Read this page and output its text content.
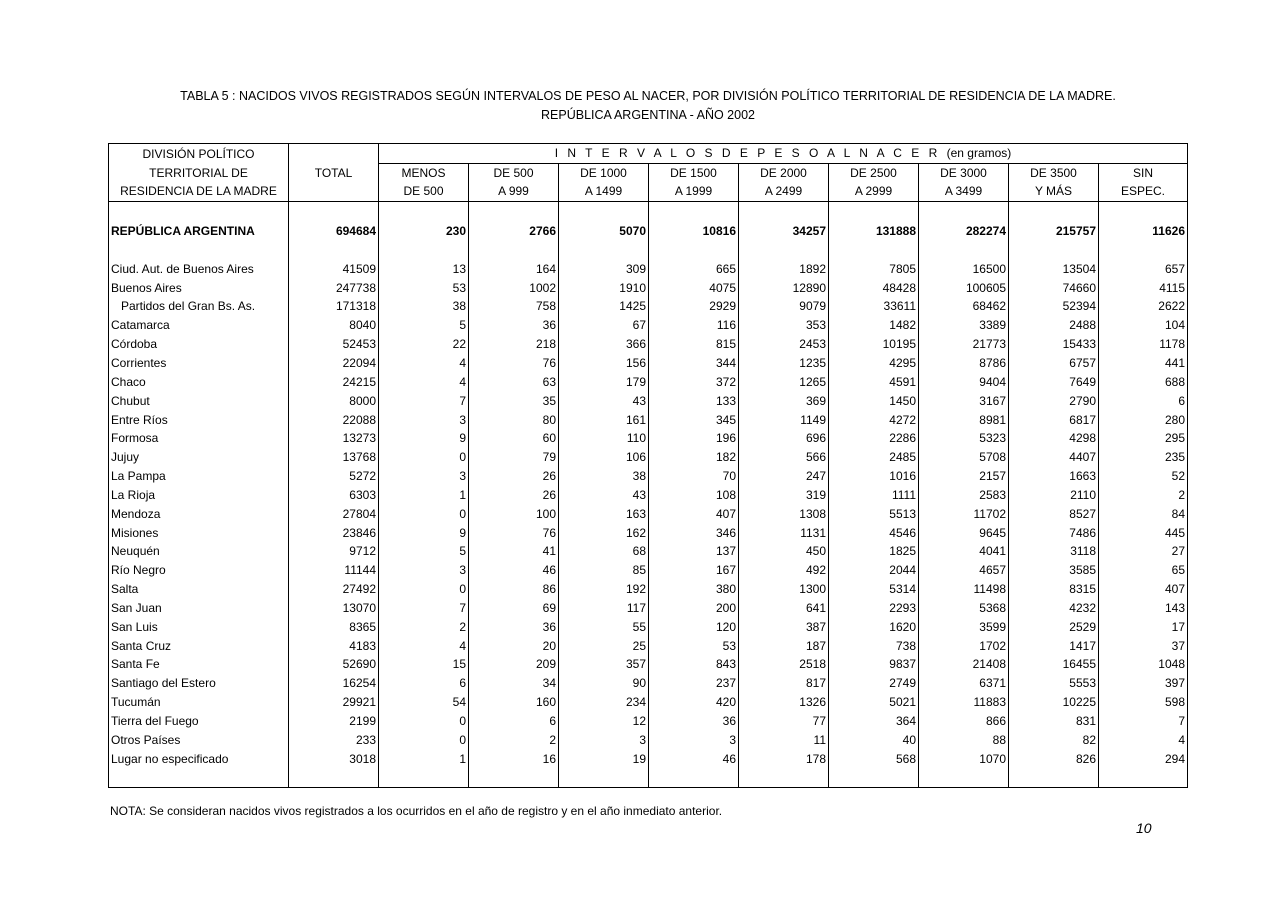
TABLA 5 : NACIDOS VIVOS REGISTRADOS SEGÚN INTERVALOS DE PESO AL NACER, POR DIVISIÓN POLÍTICO TERRITORIAL DE RESIDENCIA DE LA MADRE.
REPÚBLICA ARGENTINA - AÑO 2002
DIVISIÓN POLÍTICO		I N T E R V A L O S D E P E S O A L N A C E R (en gramos)								
TERRITORIAL DE	TOTAL	MENOS	DE 500	DE 1000	DE 1500	DE 2000	DE 2500	DE 3000	DE 3500	SIN
RESIDENCIA DE LA MADRE		DE 500	A 999	A 1499	A 1999	A 2499	A 2999	A 3499	Y MÁS	ESPEC.

REPÚBLICA ARGENTINA	694684	230	2766	5070	10816	34257	131888	282274	215757	11626

Ciud. Aut. de Buenos Aires	41509	13	164	309	665	1892	7805	16500	13504	657
Buenos Aires	247738	53	1002	1910	4075	12890	48428	100605	74660	4115
Partidos del Gran Bs. As.	171318	38	758	1425	2929	9079	33611	68462	52394	2622
Catamarca	8040	5	36	67	116	353	1482	3389	2488	104
Córdoba	52453	22	218	366	815	2453	10195	21773	15433	1178
Corrientes	22094	4	76	156	344	1235	4295	8786	6757	441
Chaco	24215	4	63	179	372	1265	4591	9404	7649	688
Chubut	8000	7	35	43	133	369	1450	3167	2790	6
Entre Ríos	22088	3	80	161	345	1149	4272	8981	6817	280
Formosa	13273	9	60	110	196	696	2286	5323	4298	295
Jujuy	13768	0	79	106	182	566	2485	5708	4407	235
La Pampa	5272	3	26	38	70	247	1016	2157	1663	52
La Rioja	6303	1	26	43	108	319	1111	2583	2110	2
Mendoza	27804	0	100	163	407	1308	5513	11702	8527	84
Misiones	23846	9	76	162	346	1131	4546	9645	7486	445
Neuquén	9712	5	41	68	137	450	1825	4041	3118	27
Río Negro	11144	3	46	85	167	492	2044	4657	3585	65
Salta	27492	0	86	192	380	1300	5314	11498	8315	407
San Juan	13070	7	69	117	200	641	2293	5368	4232	143
San Luis	8365	2	36	55	120	387	1620	3599	2529	17
Santa Cruz	4183	4	20	25	53	187	738	1702	1417	37
Santa Fe	52690	15	209	357	843	2518	9837	21408	16455	1048
Santiago del Estero	16254	6	34	90	237	817	2749	6371	5553	397
Tucumán	29921	54	160	234	420	1326	5021	11883	10225	598
Tierra del Fuego	2199	0	6	12	36	77	364	866	831	7
Otros Países	233	0	2	3	3	11	40	88	82	4
Lugar no especificado	3018	1	16	19	46	178	568	1070	826	294

NOTA: Se consideran nacidos vivos registrados a los ocurridos en el año de registro y en el año inmediato anterior.
10
